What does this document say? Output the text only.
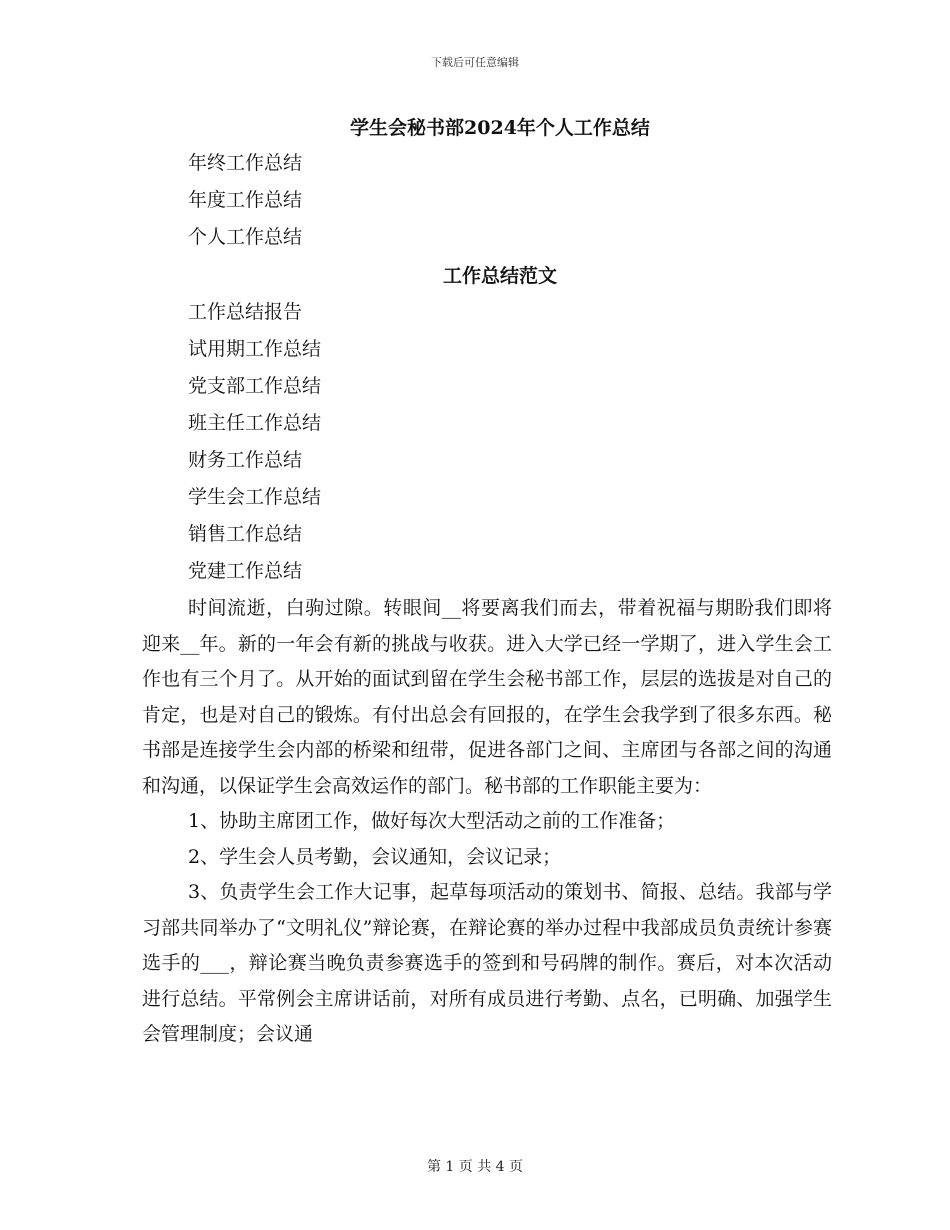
下载后可任意编辑
学生会秘书部2024年个人工作总结
年终工作总结
年度工作总结
个人工作总结
工作总结范文
工作总结报告
试用期工作总结
党支部工作总结
班主任工作总结
财务工作总结
学生会工作总结
销售工作总结
党建工作总结

时间流逝，白驹过隙。转眼间__将要离我们而去，带着祝福与期盼我们即将迎来__年。新的一年会有新的挑战与收获。进入大学已经一学期了，进入学生会工作也有三个月了。从开始的面试到留在学生会秘书部工作，层层的选拔是对自己的肯定，也是对自己的锻炼。有付出总会有回报的，在学生会我学到了很多东西。秘书部是连接学生会内部的桥梁和纽带，促进各部门之间、主席团与各部之间的沟通和沟通，以保证学生会高效运作的部门。秘书部的工作职能主要为：

1、协助主席团工作，做好每次大型活动之前的工作准备；

2、学生会人员考勤，会议通知，会议记录；

3、负责学生会工作大记事，起草每项活动的策划书、简报、总结。我部与学习部共同举办了“文明礼仪”辩论赛，在辩论赛的举办过程中我部成员负责统计参赛选手的___，辩论赛当晚负责参赛选手的签到和号码牌的制作。赛后，对本次活动进行总结。平常例会主席讲话前，对所有成员进行考勤、点名，已明确、加强学生会管理制度；会议通

第 1 页 共 4 页
